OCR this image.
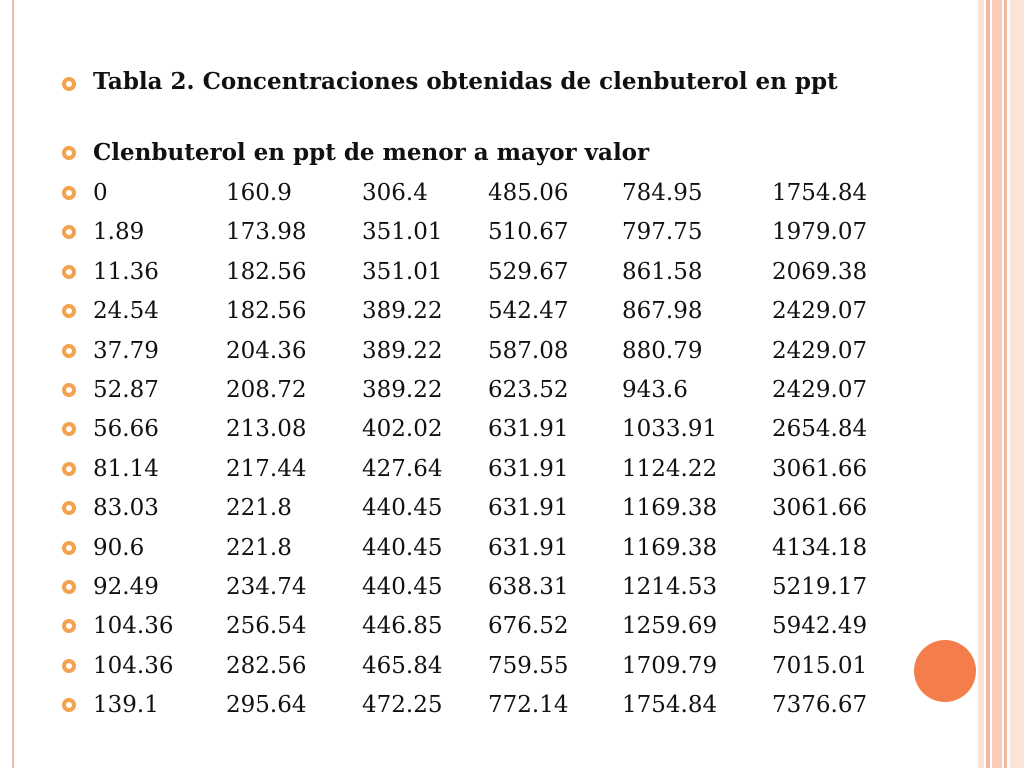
Tabla 2. Concentraciones obtenidas de clenbuterol en ppt
Clenbuterol en ppt de menor a mayor valor
0	160.9	306.4	485.06 784.95	1754.84
1.89	173.98 351.01 510.67 797.75	1979.07
11.36	182.56 351.01 529.67 861.58	2069.38
24.54	182.56 389.22 542.47 867.98	2429.07
37.79	204.36 389.22 587.08 880.79	2429.07
52.87	208.72 389.22 623.52 943.6	2429.07
56.66	213.08 402.02 631.91 1033.91 2654.84
81.14	217.44 427.64 631.91 1124.22 3061.66
83.03	221.8	440.45 631.91 1169.38 3061.66
90.6	221.8	440.45 631.91 1169.38 4134.18
92.49	234.74 440.45 638.31 1214.53 5219.17
104.36 256.54 446.85 676.52 1259.69 5942.49
104.36 282.56 465.84 759.55 1709.79 7015.01
139.1	295.64 472.25 772.14 1754.84 7376.67
